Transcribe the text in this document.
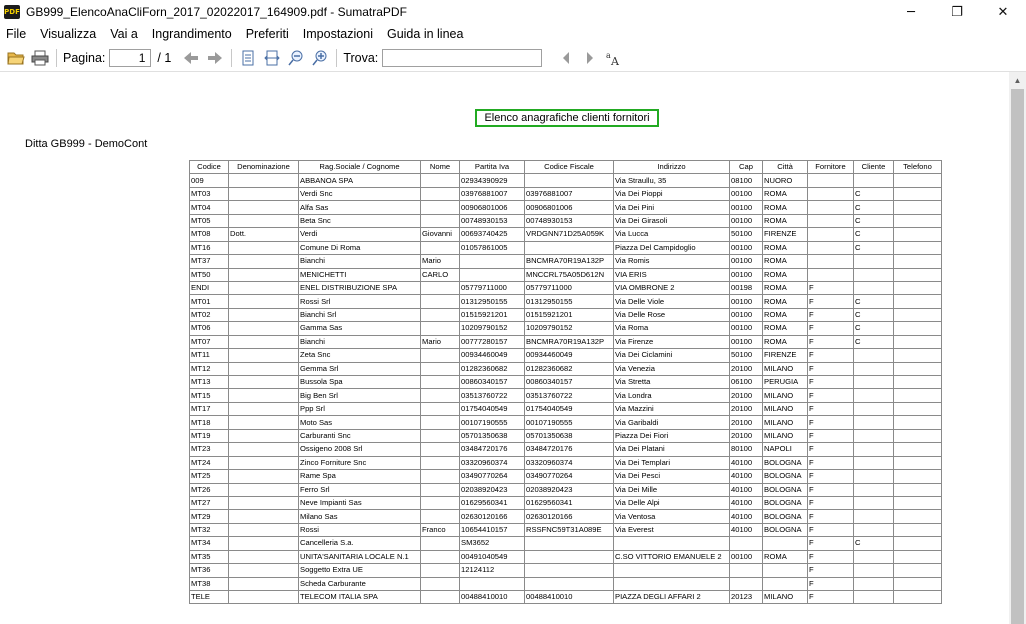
PDF GB999_ElencoAnaCliForn_2017_02022017_164909.pdf - SumatraPDF	─	❐	✕
File	Visualizza	Vai a	Ingrandimento	Preferiti	Impostazioni	Guida in linea
Pagina:	1 / 1	Trova:	a A
Elenco anagrafiche clienti fornitori
Ditta GB999 - DemoCont
Codice	Denominazione	Rag.Sociale / Cognome	Nome	Partita Iva	Codice Fiscale	Indirizzo	Cap	Città	Fornitore	Cliente	Telefono
009		ABBANOA SPA		02934390929		Via Straullu, 35	08100	NUORO			
MT03		Verdi Snc		03976881007	03976881007	Via Dei Pioppi	00100	ROMA		C	
MT04		Alfa Sas		00906801006	00906801006	Via Dei Pini	00100	ROMA		C	
MT05		Beta Snc		00748930153	00748930153	Via Dei Girasoli	00100	ROMA		C	
MT08	Dott.	Verdi	Giovanni	00693740425	VRDGNN71D25A059K	Via Lucca	50100	FIRENZE		C	
MT16		Comune Di Roma		01057861005		Piazza Del Campidoglio	00100	ROMA		C	
MT37		Bianchi	Mario		BNCMRA70R19A132P	Via Romis	00100	ROMA			
MT50		MENICHETTI	CARLO		MNCCRL75A05D612N	VIA ERIS	00100	ROMA			
ENDI		ENEL DISTRIBUZIONE SPA		05779711000	05779711000	VIA OMBRONE 2	00198	ROMA	F		
MT01		Rossi Srl		01312950155	01312950155	Via Delle Viole	00100	ROMA	F	C	
MT02		Bianchi Srl		01515921201	01515921201	Via Delle Rose	00100	ROMA	F	C	
MT06		Gamma Sas		10209790152	10209790152	Via Roma	00100	ROMA	F	C	
MT07		Bianchi	Mario	00777280157	BNCMRA70R19A132P	Via Firenze	00100	ROMA	F	C	
MT11		Zeta Snc		00934460049	00934460049	Via Dei Ciclamini	50100	FIRENZE	F		
MT12		Gemma Srl		01282360682	01282360682	Via Venezia	20100	MILANO	F		
MT13		Bussola Spa		00860340157	00860340157	Via Stretta	06100	PERUGIA	F		
MT15		Big Ben Srl		03513760722	03513760722	Via Londra	20100	MILANO	F		
MT17		Ppp Srl		01754040549	01754040549	Via Mazzini	20100	MILANO	F		
MT18		Moto Sas		00107190555	00107190555	Via Garibaldi	20100	MILANO	F		
MT19		Carburanti Snc		05701350638	05701350638	Piazza Dei Fiori	20100	MILANO	F		
MT23		Ossigeno 2008 Srl		03484720176	03484720176	Via Dei Platani	80100	NAPOLI	F		
MT24		Zinco Forniture Snc		03320960374	03320960374	Via Dei Templari	40100	BOLOGNA	F		
MT25		Rame Spa		03490770264	03490770264	Via Dei Pesci	40100	BOLOGNA	F		
MT26		Ferro Srl		02038920423	02038920423	Via Dei Mille	40100	BOLOGNA	F		
MT27		Neve Impianti Sas		01629560341	01629560341	Via Delle Alpi	40100	BOLOGNA	F		
MT29		Milano Sas		02630120166	02630120166	Via Ventosa	40100	BOLOGNA	F		
MT32		Rossi	Franco	10654410157	RSSFNC59T31A089E	Via Everest	40100	BOLOGNA	F		
MT34		Cancelleria S.a.		SM3652					F	C	
MT35		UNITA'SANITARIA LOCALE N.1		00491040549		C.SO VITTORIO EMANUELE 2	00100	ROMA	F		
MT36		Soggetto Extra UE		12124112					F		
MT38		Scheda Carburante							F		
TELE		TELECOM ITALIA SPA		00488410010	00488410010	PIAZZA DEGLI AFFARI 2	20123	MILANO	F		
▲
